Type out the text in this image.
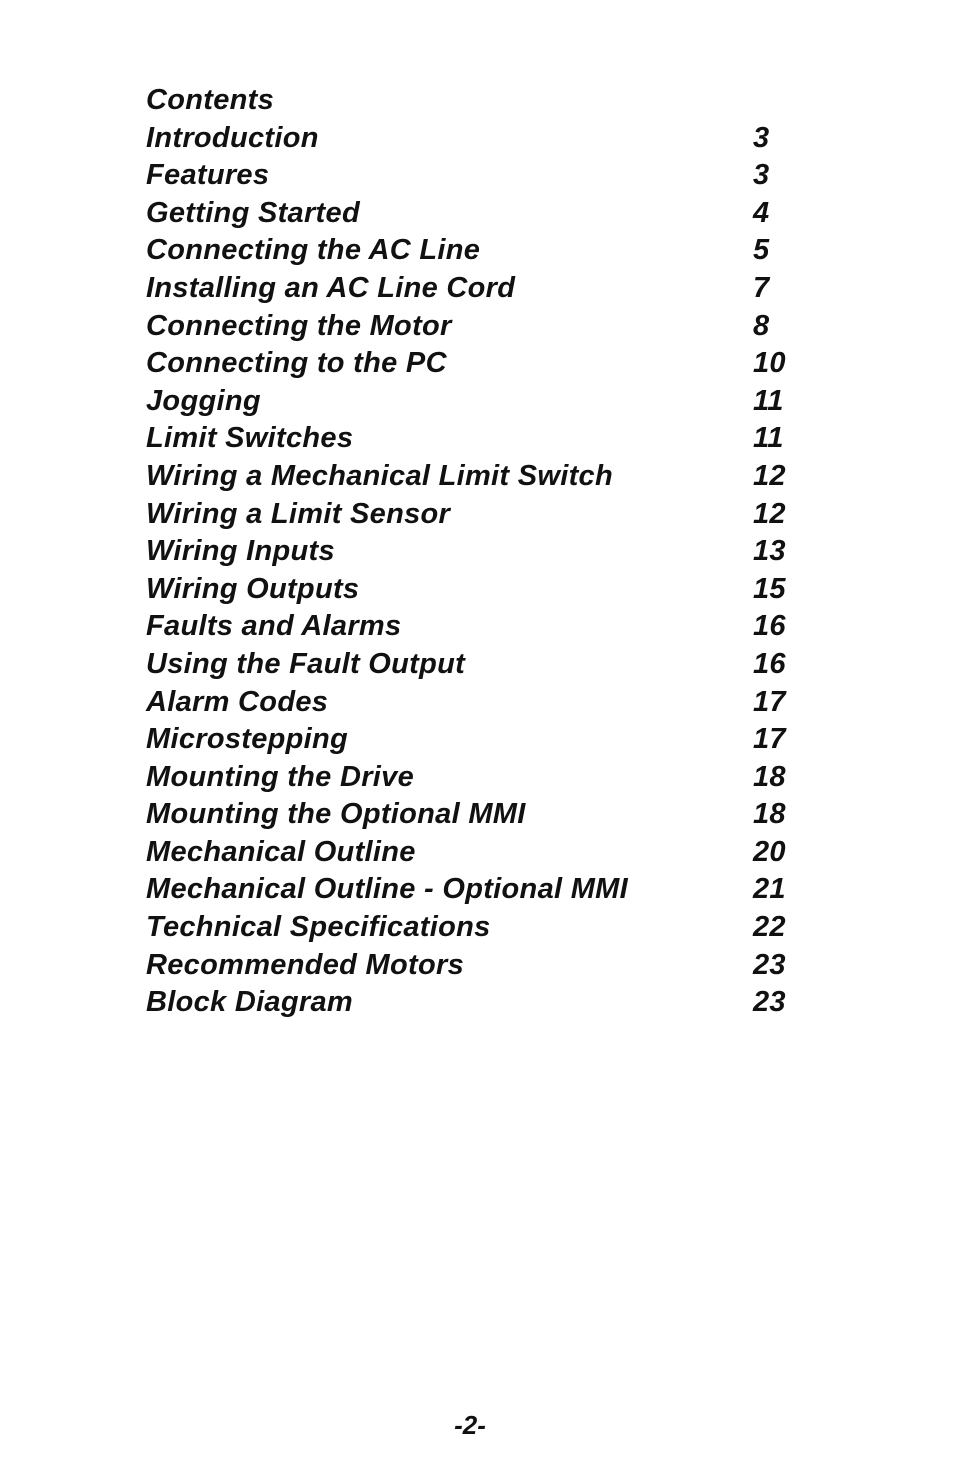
Contents
Introduction	3
Features	3
Getting Started	4
Connecting the AC Line	5
Installing an AC Line Cord	7
Connecting the Motor	8
Connecting to the PC	10
Jogging	11
Limit Switches	11
Wiring a Mechanical Limit Switch	12
Wiring a Limit Sensor	12
Wiring Inputs	13
Wiring Outputs	15
Faults and Alarms	16
Using the Fault Output	16
Alarm Codes	17
Microstepping	17
Mounting the Drive	18
Mounting the Optional MMI	18
Mechanical Outline	20
Mechanical Outline - Optional MMI	21
Technical Specifications	22
Recommended Motors	23
Block Diagram	23
-2-
